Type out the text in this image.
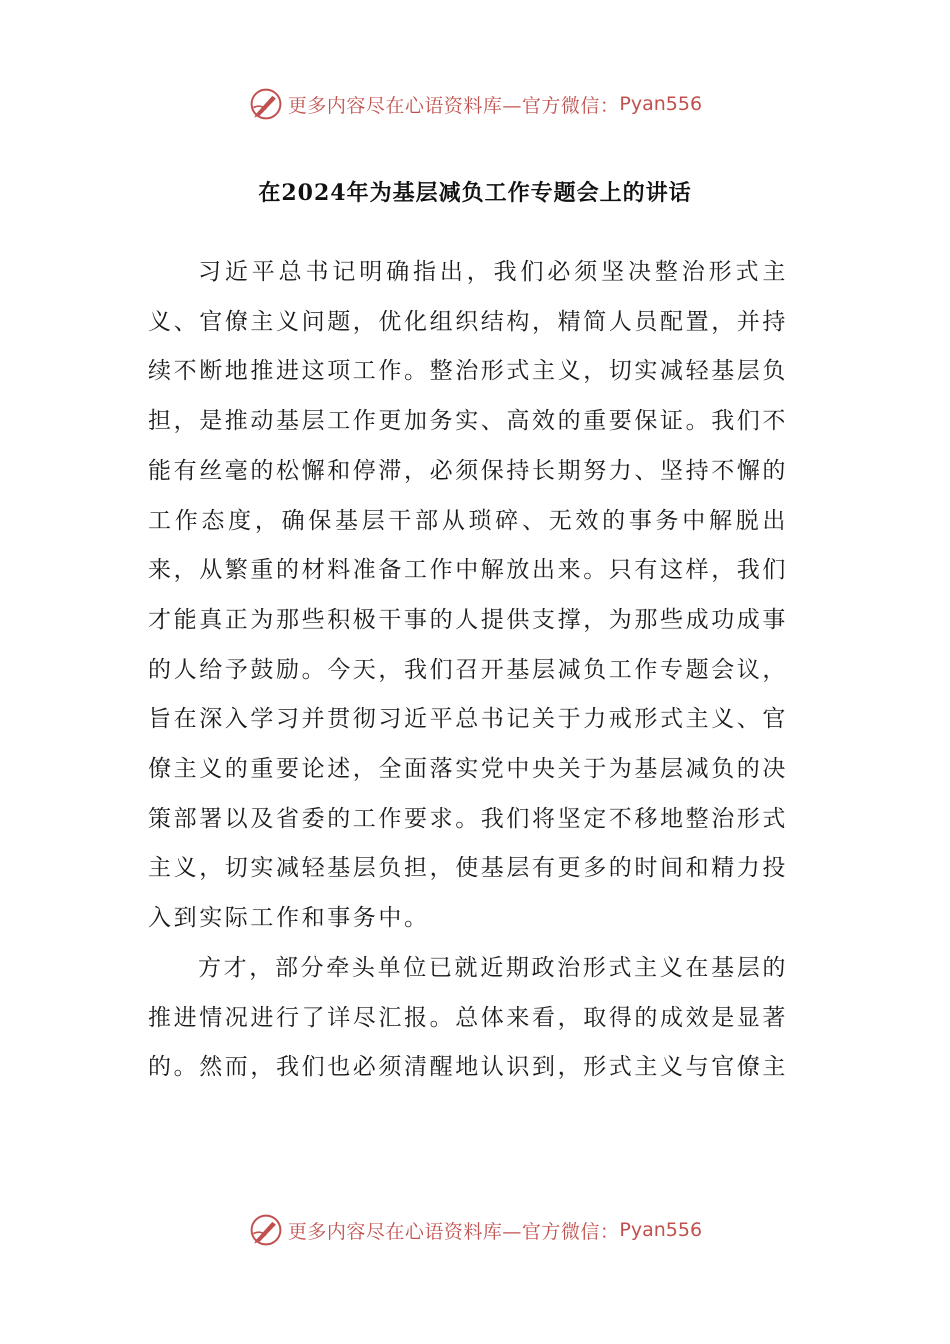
更多内容尽在心语资料库—官方微信： Pyan556
在2024年为基层减负工作专题会上的讲话

习近平总书记明确指出，我们必须坚决整治形式主义、官僚主义问题，优化组织结构，精简人员配置，并持续不断地推进这项工作。整治形式主义，切实减轻基层负担，是推动基层工作更加务实、高效的重要保证。我们不能有丝毫的松懈和停滞，必须保持长期努力、坚持不懈的工作态度，确保基层干部从琐碎、无效的事务中解脱出来，从繁重的材料准备工作中解放出来。只有这样，我们才能真正为那些积极干事的人提供支撑，为那些成功成事的人给予鼓励。今天，我们召开基层减负工作专题会议，旨在深入学习并贯彻习近平总书记关于力戒形式主义、官僚主义的重要论述，全面落实党中央关于为基层减负的决策部署以及省委的工作要求。我们将坚定不移地整治形式主义，切实减轻基层负担，使基层有更多的时间和精力投入到实际工作和事务中。

方才，部分牵头单位已就近期政治形式主义在基层的推进情况进行了详尽汇报。总体来看，取得的成效是显著的。然而，我们也必须清醒地认识到，形式主义与官僚主

更多内容尽在心语资料库—官方微信： Pyan556
